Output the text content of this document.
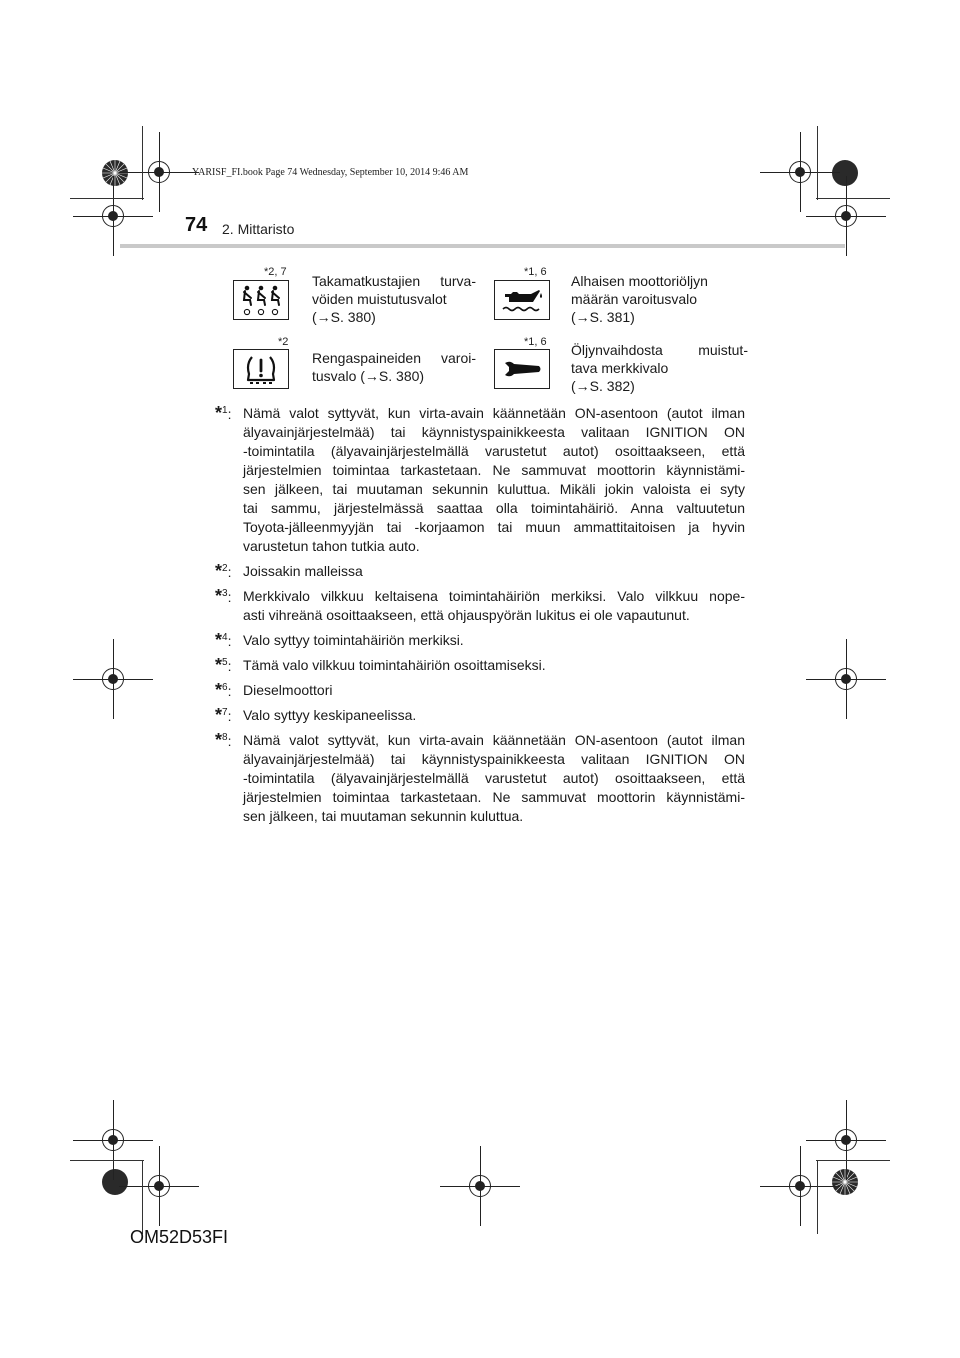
YARISF_FI.book Page 74 Wednesday, September 10, 2014 9:46 AM
74 2. Mittaristo
*2, 7
Takamatkustajien turva-
vöiden muistutusvalot
(→S. 380)
*1, 6
Alhaisen moottoriöljyn
määrän varoitusvalo
(→S. 381)
*2
Rengaspaineiden varoi-
tusvalo (→S. 380)
*1, 6 Öljynvaihdosta muistut-
tava merkkivalo
(→S. 382)
*$^1$: Nämä valot syttyvät, kun virta-avain käännetään ON-asentoon (autot ilman
älyavainjärjestelmää) tai käynnistyspainikkeesta valitaan IGNITION ON
-toimintatila (älyavainjärjestelmällä varustetut autot) osoittaakseen, että
järjestelmien toimintaa tarkastetaan. Ne sammuvat moottorin käynnistämi-
sen jälkeen, tai muutaman sekunnin kuluttua. Mikäli jokin valoista ei syty
tai sammu, järjestelmässä saattaa olla toimintahäiriö. Anna valtuutetun
Toyota-jälleenmyyjän tai -korjaamon tai muun ammattitaitoisen ja hyvin
varustetun tahon tutkia auto.
*$^2$: Joissakin malleissa
*$^3$: Merkkivalo vilkkuu keltaisena toimintahäiriön merkiksi. Valo vilkkuu nope-
asti vihreänä osoittaakseen, että ohjauspyörän lukitus ei ole vapautunut.
*$^4$: Valo syttyy toimintahäiriön merkiksi.
*$^5$: Tämä valo vilkkuu toimintahäiriön osoittamiseksi.
*$^6$: Dieselmoottori
*$^7$: Valo syttyy keskipaneelissa.
*$^8$: Nämä valot syttyvät, kun virta-avain käännetään ON-asentoon (autot ilman
älyavainjärjestelmää) tai käynnistyspainikkeesta valitaan IGNITION ON
-toimintatila (älyavainjärjestelmällä varustetut autot) osoittaakseen, että
järjestelmien toimintaa tarkastetaan. Ne sammuvat moottorin käynnistämi-
sen jälkeen, tai muutaman sekunnin kuluttua.
OM52D53FI
